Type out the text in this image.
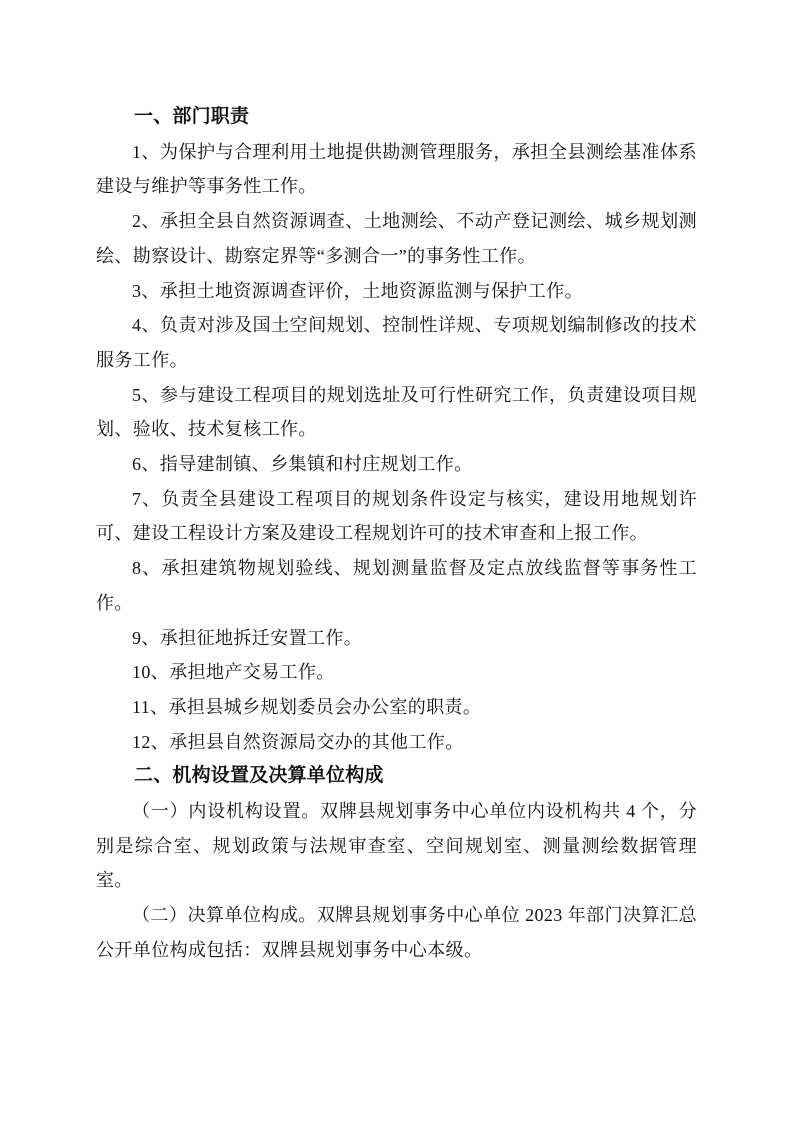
一、部门职责

1、为保护与合理利用土地提供勘测管理服务，承担全县测绘基准体系建设与维护等事务性工作。

2、承担全县自然资源调查、土地测绘、不动产登记测绘、城乡规划测绘、勘察设计、勘察定界等“多测合一”的事务性工作。

3、承担土地资源调查评价，土地资源监测与保护工作。

4、负责对涉及国土空间规划、控制性详规、专项规划编制修改的技术服务工作。

5、参与建设工程项目的规划选址及可行性研究工作，负责建设项目规划、验收、技术复核工作。

6、指导建制镇、乡集镇和村庄规划工作。

7、负责全县建设工程项目的规划条件设定与核实，建设用地规划许可、建设工程设计方案及建设工程规划许可的技术审查和上报工作。

8、承担建筑物规划验线、规划测量监督及定点放线监督等事务性工作。

9、承担征地拆迁安置工作。

10、承担地产交易工作。

11、承担县城乡规划委员会办公室的职责。

12、承担县自然资源局交办的其他工作。

二、机构设置及决算单位构成

（一）内设机构设置。双牌县规划事务中心单位内设机构共 4 个，分别是综合室、规划政策与法规审查室、空间规划室、测量测绘数据管理室。

（二）决算单位构成。双牌县规划事务中心单位 2023 年部门决算汇总公开单位构成包括：双牌县规划事务中心本级。
